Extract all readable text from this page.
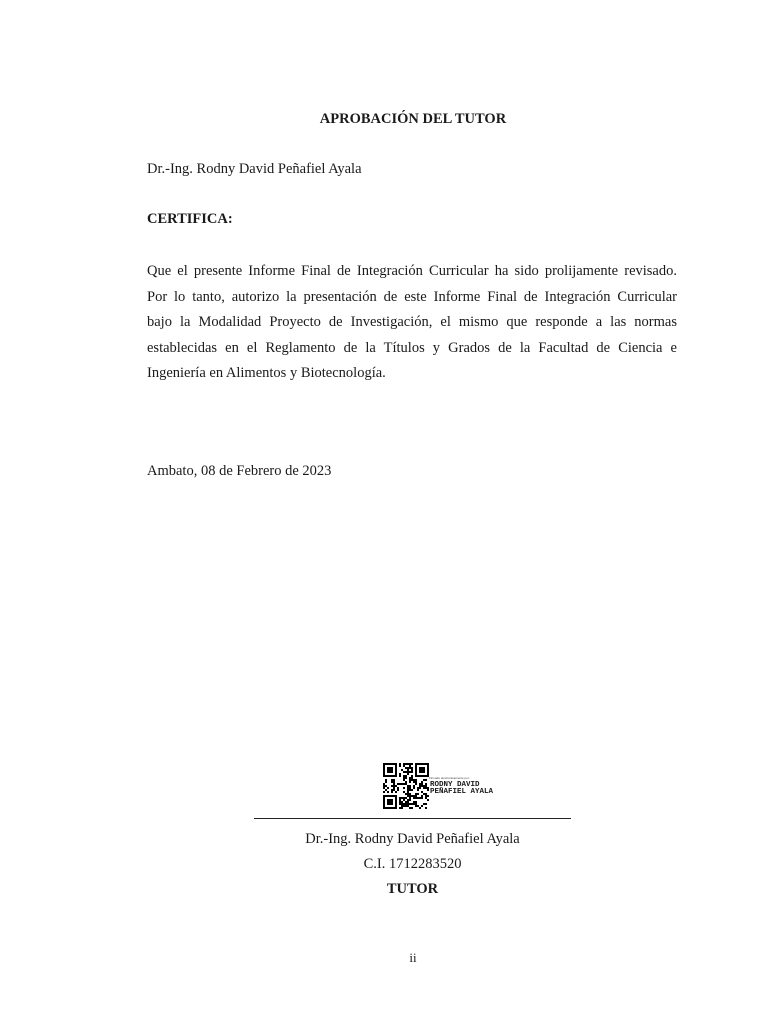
APROBACIÓN DEL TUTOR
Dr.-Ing. Rodny David Peñafiel Ayala
CERTIFICA:
Que el presente Informe Final de Integración Curricular ha sido prolijamente revisado.
Por lo tanto, autorizo la presentación de este Informe Final de Integración Curricular
bajo la Modalidad Proyecto de Investigación, el mismo que responde a las normas
establecidas en el Reglamento de la Títulos y Grados de la Facultad de Ciencia e
Ingeniería en Alimentos y Biotecnología.
Ambato, 08 de Febrero de 2023
Firmado electrónicamente por:
RODNY DAVID
PEÑAFIEL AYALA
Dr.-Ing. Rodny David Peñafiel Ayala
C.I. 1712283520
TUTOR
ii
